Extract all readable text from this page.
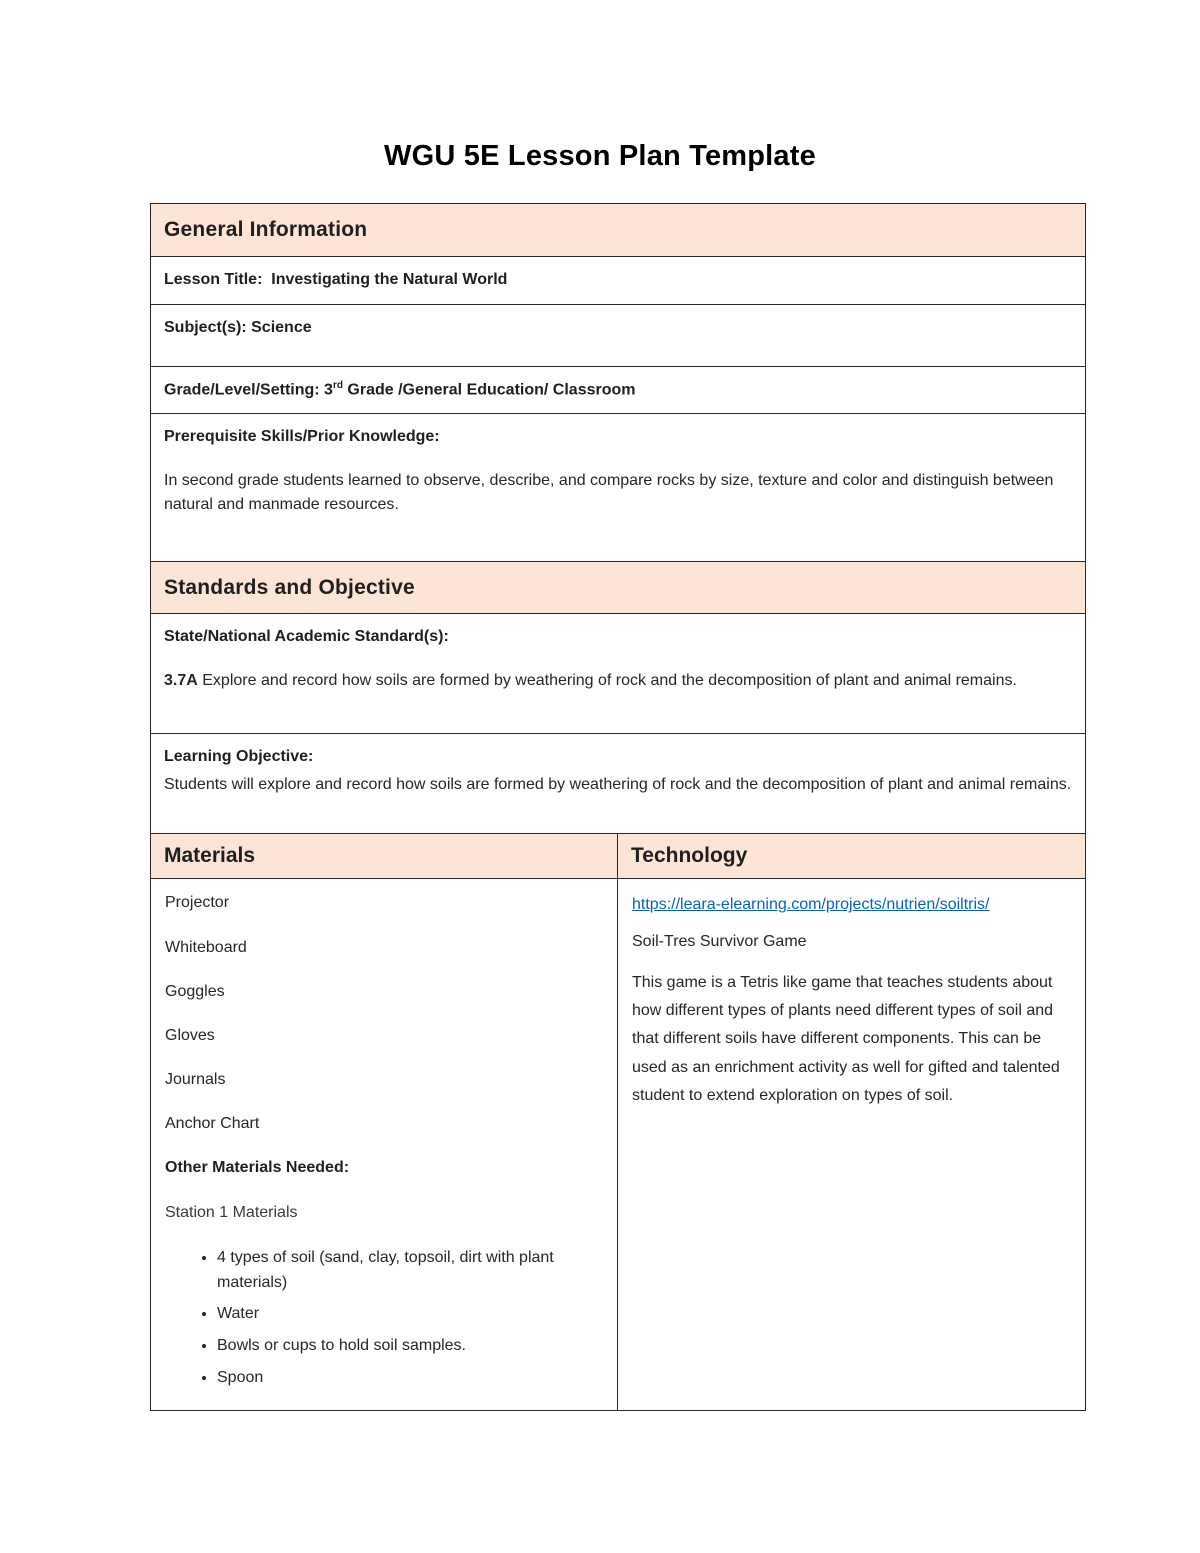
WGU 5E Lesson Plan Template
General Information
Lesson Title: Investigating the Natural World
Subject(s): Science
Grade/Level/Setting: 3rd Grade /General Education/ Classroom
Prerequisite Skills/Prior Knowledge:

In second grade students learned to observe, describe, and compare rocks by size, texture and color and distinguish between natural and manmade resources.

Standards and Objective
State/National Academic Standard(s):

3.7A Explore and record how soils are formed by weathering of rock and the decomposition of plant and animal remains.

Learning Objective:

Students will explore and record how soils are formed by weathering of rock and the decomposition of plant and animal remains.

Materials	Technology

Projector

Whiteboard

Goggles

Gloves

Journals

Anchor Chart

Other Materials Needed:

Station 1 Materials

• 4 types of soil (sand, clay, topsoil, dirt with plant materials)
• Water
• Bowls or cups to hold soil samples.
• Spoon
https://leara-elearning.com/projects/nutrien/soiltris/

Soil-Tres Survivor Game

This game is a Tetris like game that teaches students about how different types of plants need different types of soil and that different soils have different components. This can be used as an enrichment activity as well for gifted and talented student to extend exploration on types of soil.
